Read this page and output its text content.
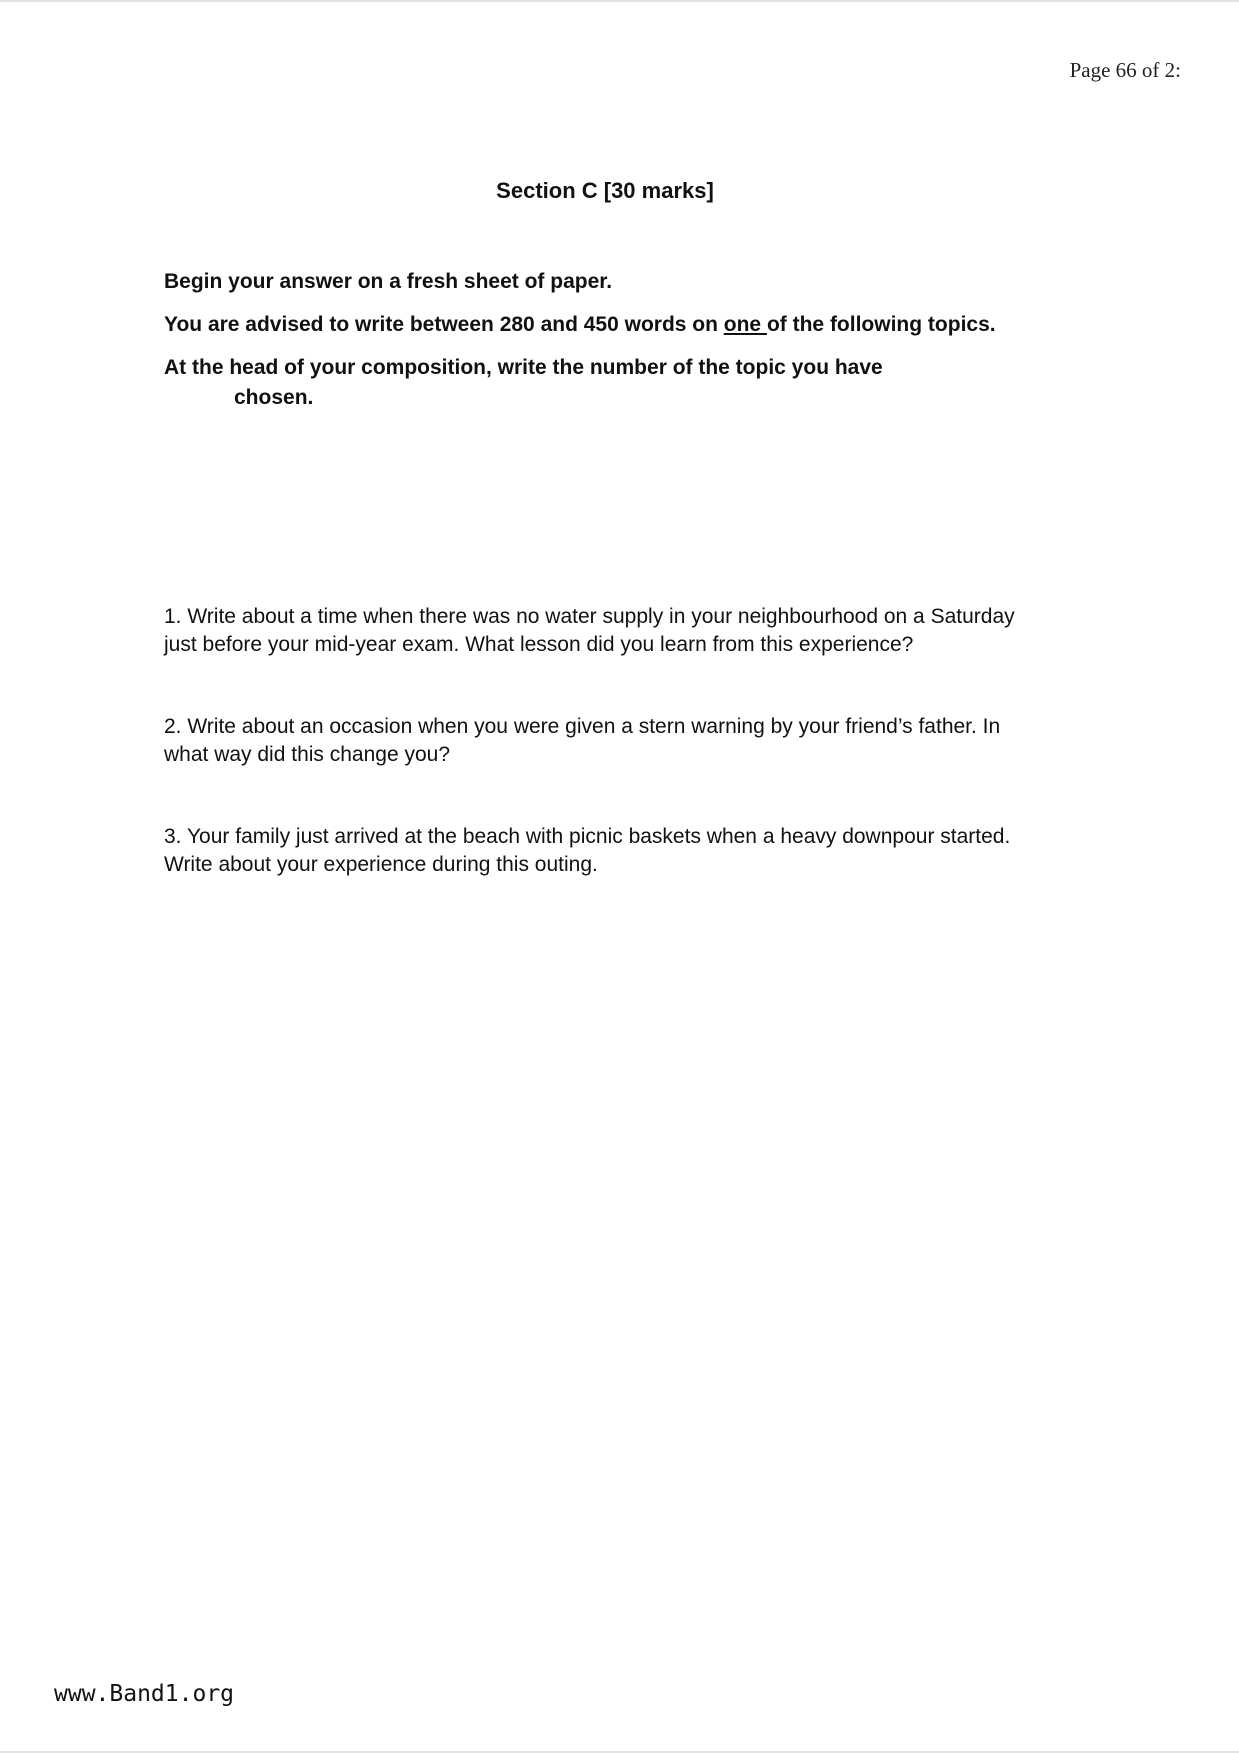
Page 66 of 2:
Section C [30 marks]

Begin your answer on a fresh sheet of paper.

You are advised to write between 280 and 450 words on one of the following topics.

At the head of your composition, write the number of the topic you have
chosen.

1. Write about a time when there was no water supply in your neighbourhood on a Saturday just before your mid-year exam. What lesson did you learn from this experience?

2. Write about an occasion when you were given a stern warning by your friend’s father. In what way did this change you?

3. Your family just arrived at the beach with picnic baskets when a heavy downpour started. Write about your experience during this outing.

www.Band1.org
